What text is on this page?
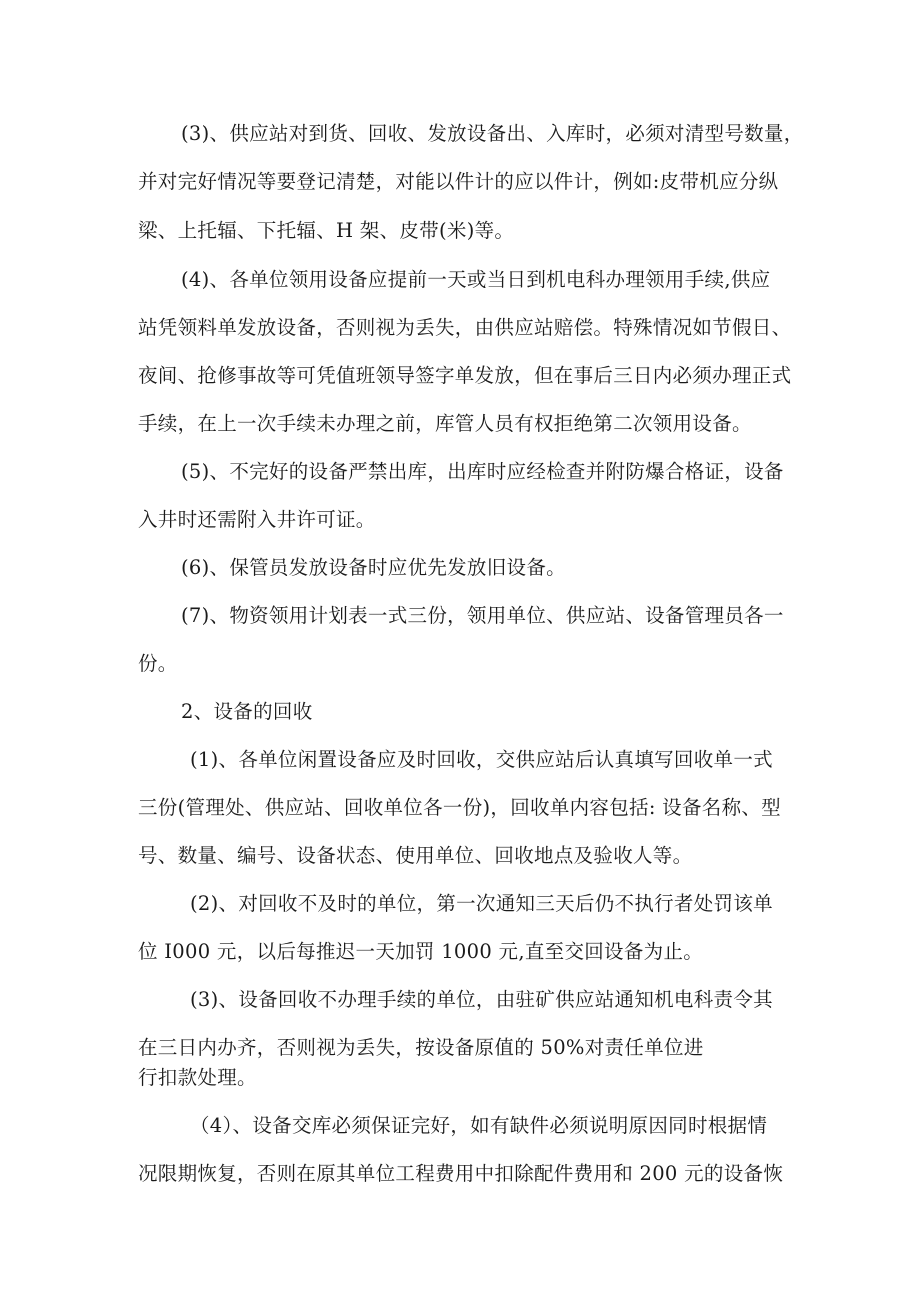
(3)、供应站对到货、回收、发放设备出、入库时，必须对清型号数量，
并对完好情况等要登记清楚，对能以件计的应以件计，例如:皮带机应分纵
梁、上托辐、下托辐、H 架、皮带(米)等。
(4)、各单位领用设备应提前一天或当日到机电科办理领用手续,供应
站凭领料单发放设备，否则视为丢失，由供应站赔偿。特殊情况如节假日、
夜间、抢修事故等可凭值班领导签字单发放，但在事后三日内必须办理正式
手续，在上一次手续未办理之前，库管人员有权拒绝第二次领用设备。
(5)、不完好的设备严禁出库，出库时应经检查并附防爆合格证，设备
入井时还需附入井许可证。
(6)、保管员发放设备时应优先发放旧设备。
(7)、物资领用计划表一式三份，领用单位、供应站、设备管理员各一
份。
2、设备的回收
(1)、各单位闲置设备应及时回收，交供应站后认真填写回收单一式
三份(管理处、供应站、回收单位各一份)，回收单内容包括: 设备名称、型
号、数量、编号、设备状态、使用单位、回收地点及验收人等。
(2)、对回收不及时的单位，第一次通知三天后仍不执行者处罚该单
位 I000 元，以后每推迟一天加罚 1000 元,直至交回设备为止。
(3)、设备回收不办理手续的单位，由驻矿供应站通知机电科责令其
在三日内办齐，否则视为丢失，按设备原值的 50%对责任单位进
行扣款处理。
（4）、设备交库必须保证完好，如有缺件必须说明原因同时根据情
况限期恢复，否则在原其单位工程费用中扣除配件费用和 200 元的设备恢
